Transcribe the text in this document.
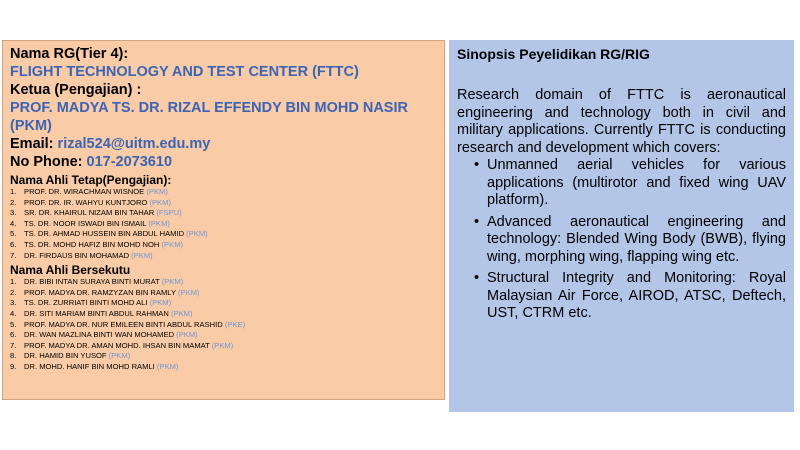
Nama RG(Tier 4):
FLIGHT TECHNOLOGY AND TEST CENTER (FTTC)
Ketua (Pengajian) :
PROF. MADYA TS. DR. RIZAL EFFENDY BIN MOHD NASIR (PKM)
Email: rizal524@uitm.edu.my
No Phone: 017-2073610
Nama Ahli Tetap(Pengajian):
1. PROF. DR. WIRACHMAN WISNOE (PKM)
2. PROF. DR. IR. WAHYU KUNTJORO (PKM)
3. SR. DR. KHAIRUL NIZAM BIN TAHAR (FSPU)
4. TS. DR. NOOR ISWADI BIN ISMAIL (PKM)
5. TS. DR. AHMAD HUSSEIN BIN ABDUL HAMID (PKM)
6. TS. DR. MOHD HAFIZ BIN MOHD NOH (PKM)
7. DR. FIRDAUS BIN MOHAMAD (PKM)
Nama Ahli Bersekutu
1. DR. BIBI INTAN SURAYA BINTI MURAT (PKM)
2. PROF. MADYA DR. RAMZYZAN BIN RAMLY (PKM)
3. TS. DR. ZURRIATI BINTI MOHD ALI (PKM)
4. DR. SITI MARIAM BINTI ABDUL RAHMAN (PKM)
5. PROF. MADYA DR. NUR EMILEEN BINTI ABDUL RASHID (PKE)
6. DR. WAN MAZLINA BINTI WAN MOHAMED (PKM)
7. PROF. MADYA DR. AMAN MOHD. IHSAN BIN MAMAT (PKM)
8. DR. HAMID BIN YUSOF (PKM)
9. DR. MOHD. HANIF BIN MOHD RAMLI (PKM)
Sinopsis Peyelidikan RG/RIG
Research domain of FTTC is aeronautical engineering and technology both in civil and military applications. Currently FTTC is conducting research and development which covers:
• Unmanned aerial vehicles for various applications (multirotor and fixed wing UAV platform).
• Advanced aeronautical engineering and technology: Blended Wing Body (BWB), flying wing, morphing wing, flapping wing etc.
• Structural Integrity and Monitoring: Royal Malaysian Air Force, AIROD, ATSC, Deftech, UST, CTRM etc.
